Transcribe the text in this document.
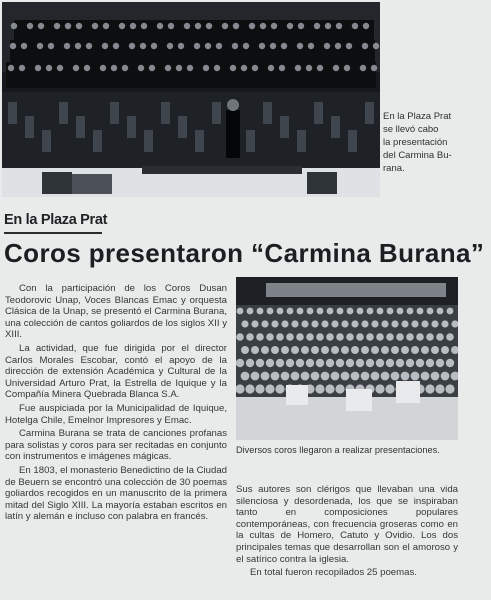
En la Plaza Prat
se llevó cabo
la presentación
del Carmina Bu-
rana.
En la Plaza Prat
Coros presentaron “Carmina Burana”

Con la participación de los Coros Dusan Teodorovic Unap, Voces Blancas Emac y orquesta Clásica de la Unap, se presentó el Carmina Burana, una colección de cantos goliardos de los siglos XII y XIII.

La actividad, que fue dirigida por el director Carlos Morales Escobar, contó el apoyo de la dirección de extensión Académica y Cultural de la Universidad Arturo Prat, la Estrella de Iquique y la Compañía Minera Quebrada Blanca S.A.

Fue auspiciada por la Municipalidad de Iquique, Hotelga Chile, Emelnor Impresores y Emac.

Carmina Burana se trata de canciones profanas para solistas y coros para ser recitadas en conjunto con instrumentos e imágenes mágicas.

En 1803, el monasterio Benedictino de la Ciudad de Beuern se encontró una colección de 30 poemas goliardos recogidos en un manuscrito de la primera mitad del Siglo XIII. La mayoría estaban escritos en latín y alemán e incluso con palabra en francés.

Diversos coros llegaron a realizar presentaciones.

Sus autores son clérigos que llevaban una vida silenciosa y desordenada, los que se inspiraban tanto en composiciones populares contemporáneas, con frecuencia groseras como en la cultas de Homero, Catuto y Ovidio. Los dos principales temas que desarrollan son el amoroso y el satírico contra la iglesia.

En total fueron recopilados 25 poemas.
